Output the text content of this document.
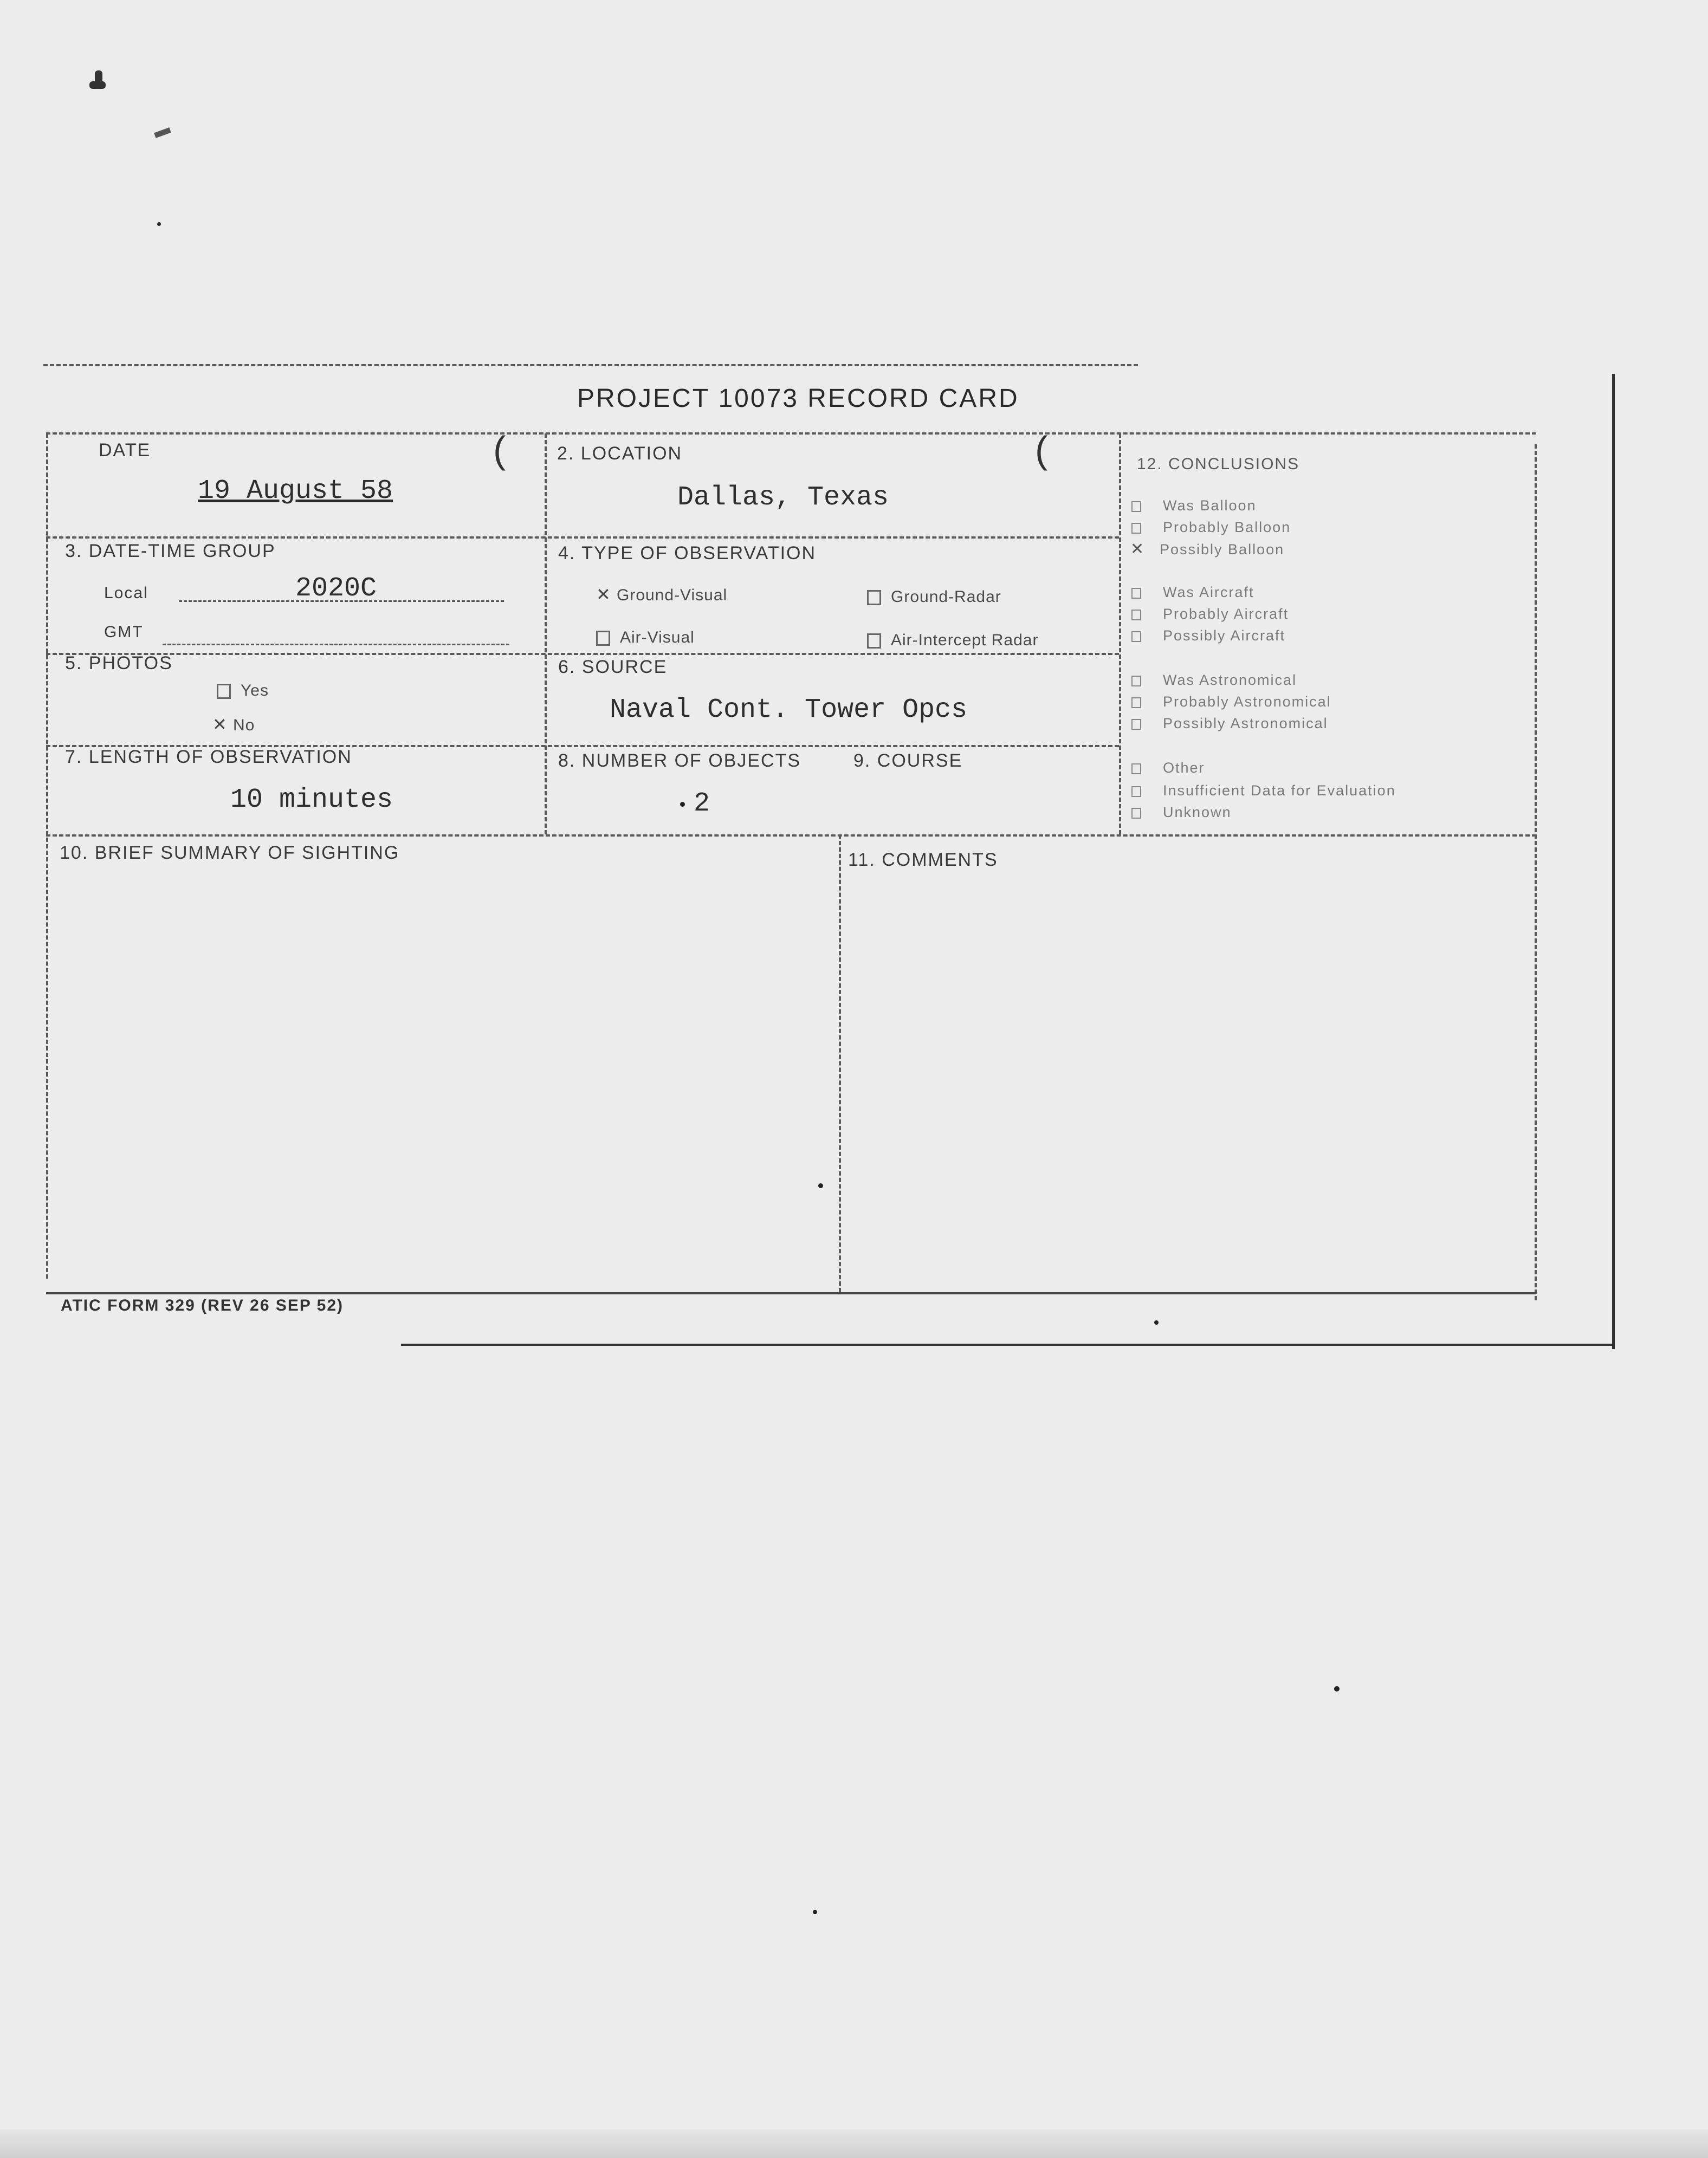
PROJECT 10073 RECORD CARD
(	(
DATE
19 August 58
2. LOCATION
Dallas, Texas
3. DATE-TIME GROUP
Local	2020C
GMT
4. TYPE OF OBSERVATION
✕ Ground-Visual	Ground-Radar
Air-Visual	Air-Intercept Radar
5. PHOTOS
Yes
✕ No
6. SOURCE
Naval Cont. Tower Opcs
7. LENGTH OF OBSERVATION
10 minutes
8. NUMBER OF OBJECTS
2
9. COURSE
10. BRIEF SUMMARY OF SIGHTING	11. COMMENTS
12. CONCLUSIONS
Was Balloon
Probably Balloon
✕ Possibly Balloon
Was Aircraft
Probably Aircraft
Possibly Aircraft
Was Astronomical
Probably Astronomical
Possibly Astronomical
Other
Insufficient Data for Evaluation
Unknown
ATIC FORM 329 (REV 26 SEP 52)
